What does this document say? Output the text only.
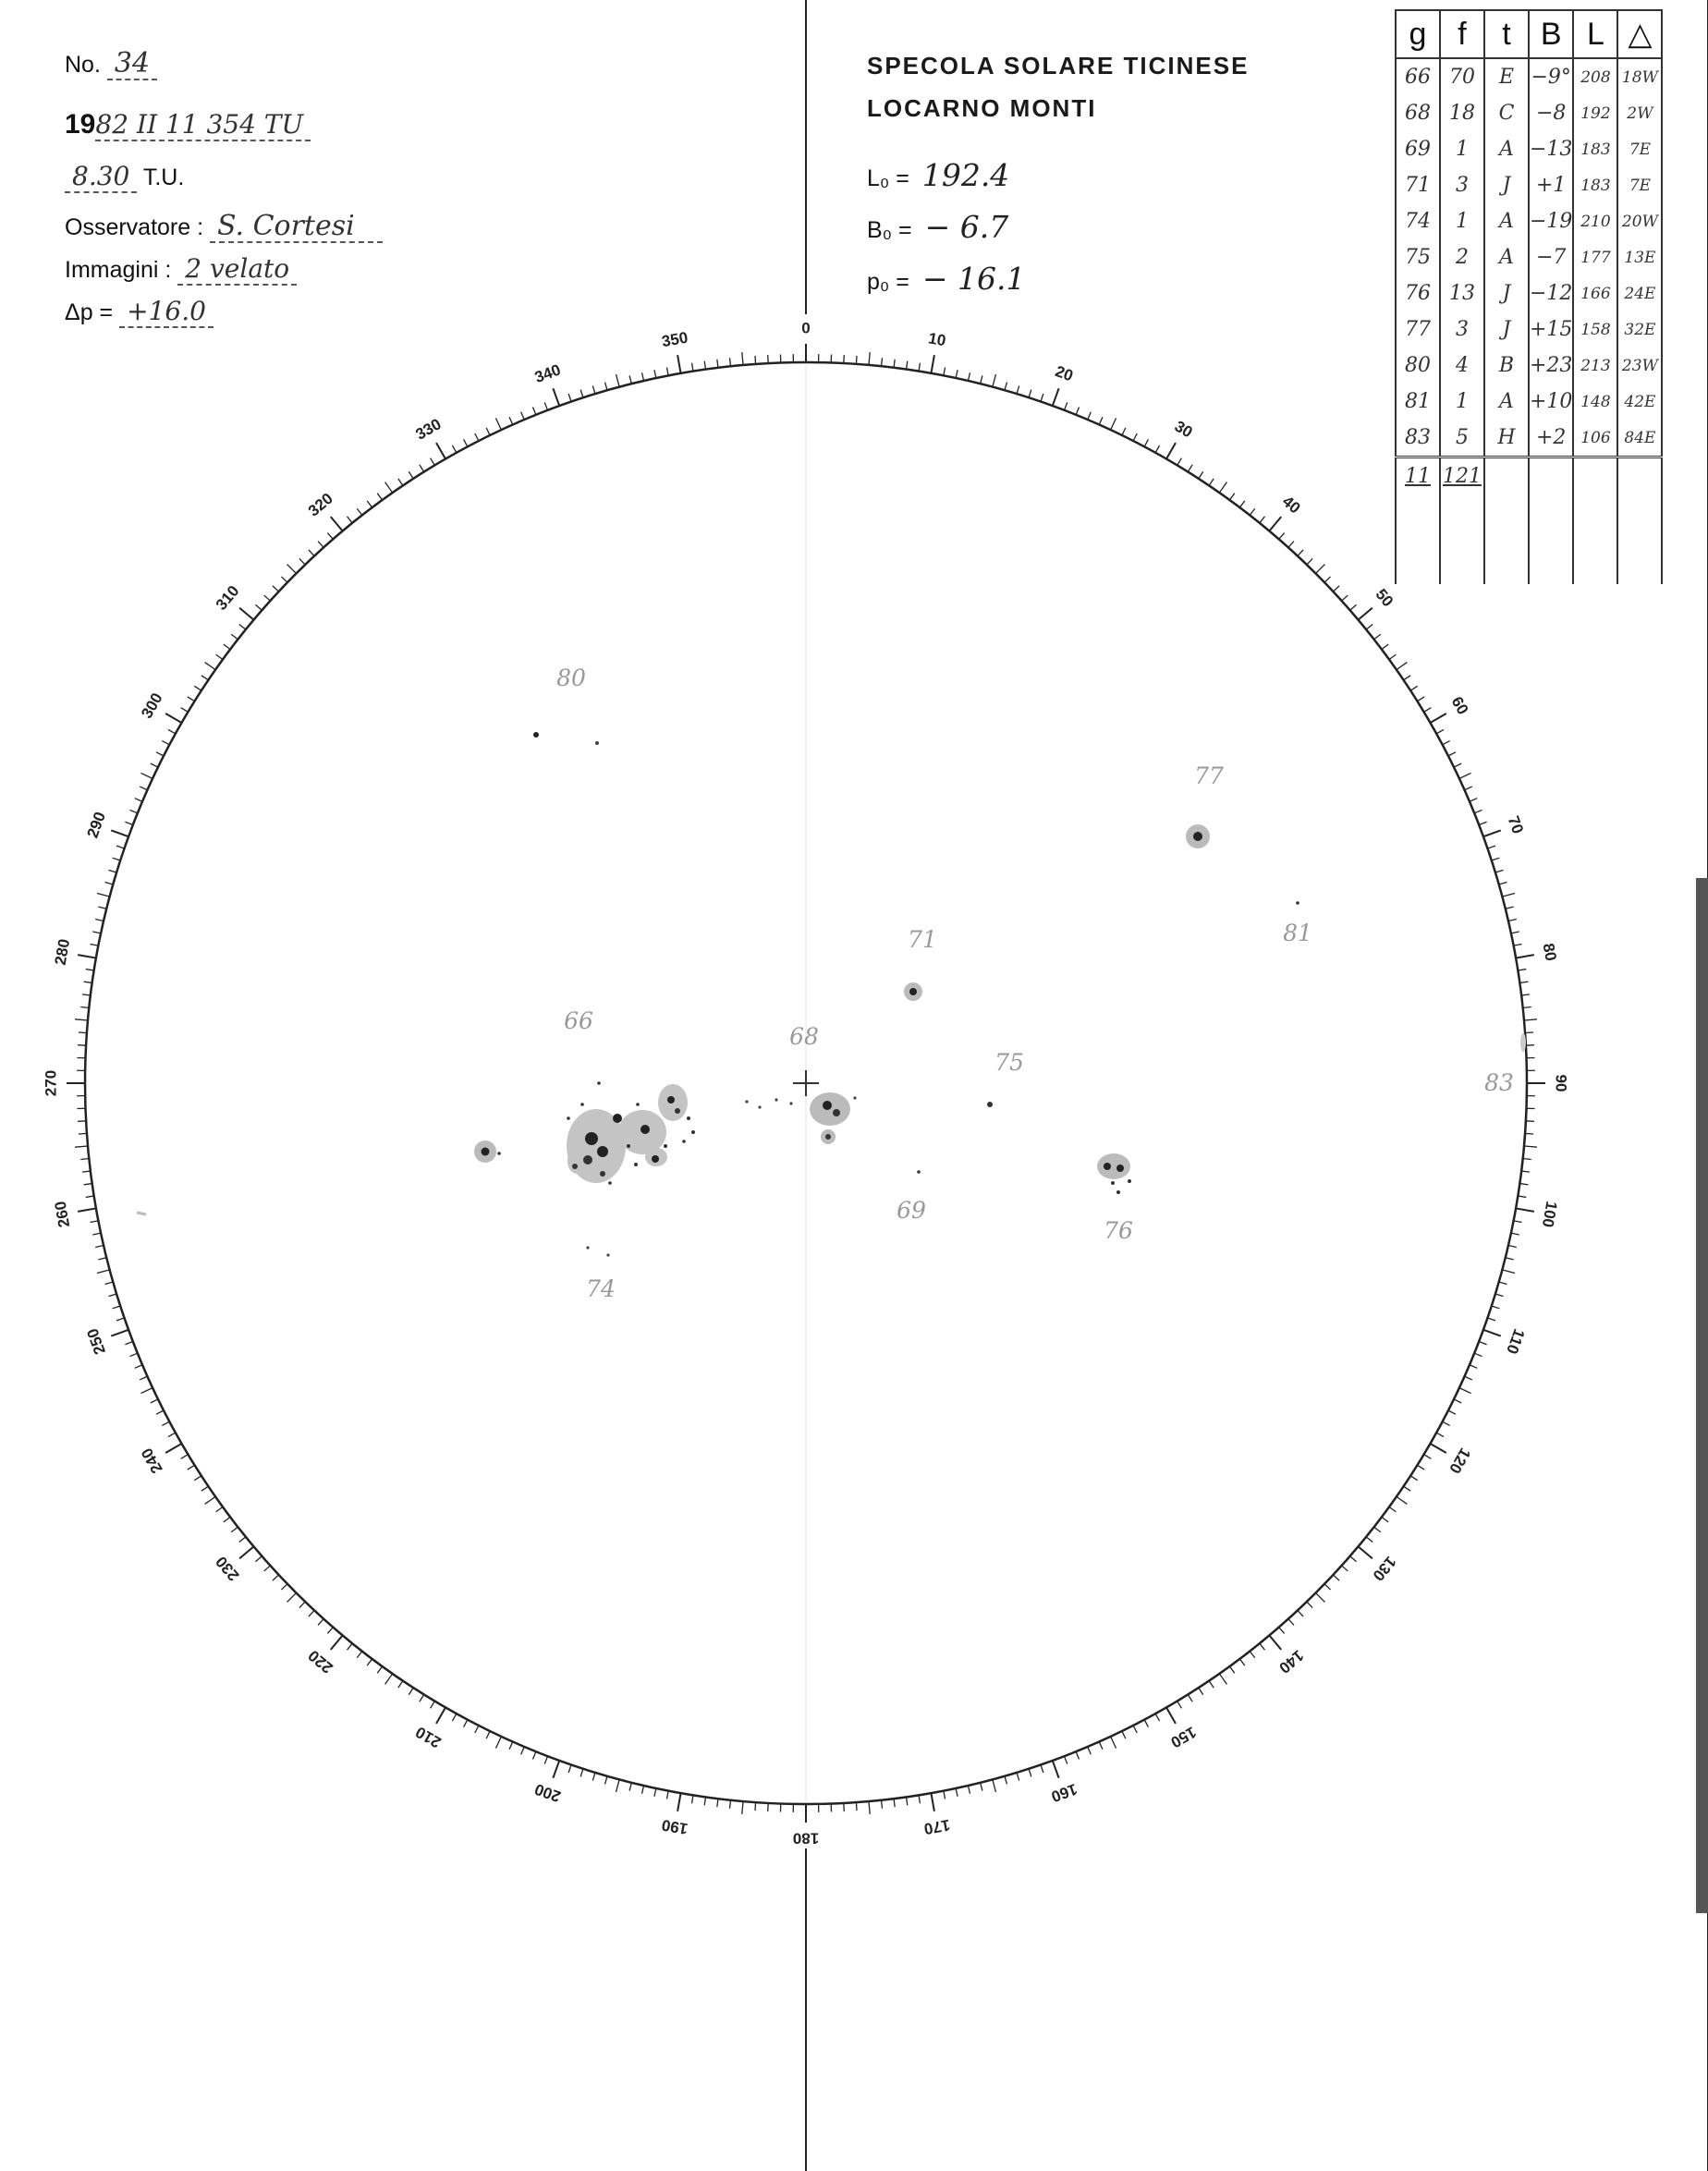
No. 34
1982 II 11 354 TU
8.30 T.U.
Osservatore : S. Cortesi
Immagini : 2 velato
Δp = +16.0
SPECOLA SOLARE TICINESE
LOCARNO MONTI
L₀ = 192.4
B₀ = − 6.7
p₀ = − 16.1
g	f	t	B	L	△
66	70	E	−9°	208	18W
68	18	C	−8	192	2W
69	1	A	−13	183	7E
71	3	J	+1	183	7E
74	1	A	−19	210	20W
75	2	A	−7	177	13E
76	13	J	−12	166	24E
77	3	J	+15	158	32E
80	4	B	+23	213	23W
81	1	A	+10	148	42E
83	5	H	+2	106	84E
11	121				

0
10
20
30
40
50
60
70
80
90
100
110
120
130
140
150
160
170
180
190
200
210
220
230
240
250
260
270
280
290
300
310
320
330
340
350
80
77
71	81
66
68
75
83
69
76
74
